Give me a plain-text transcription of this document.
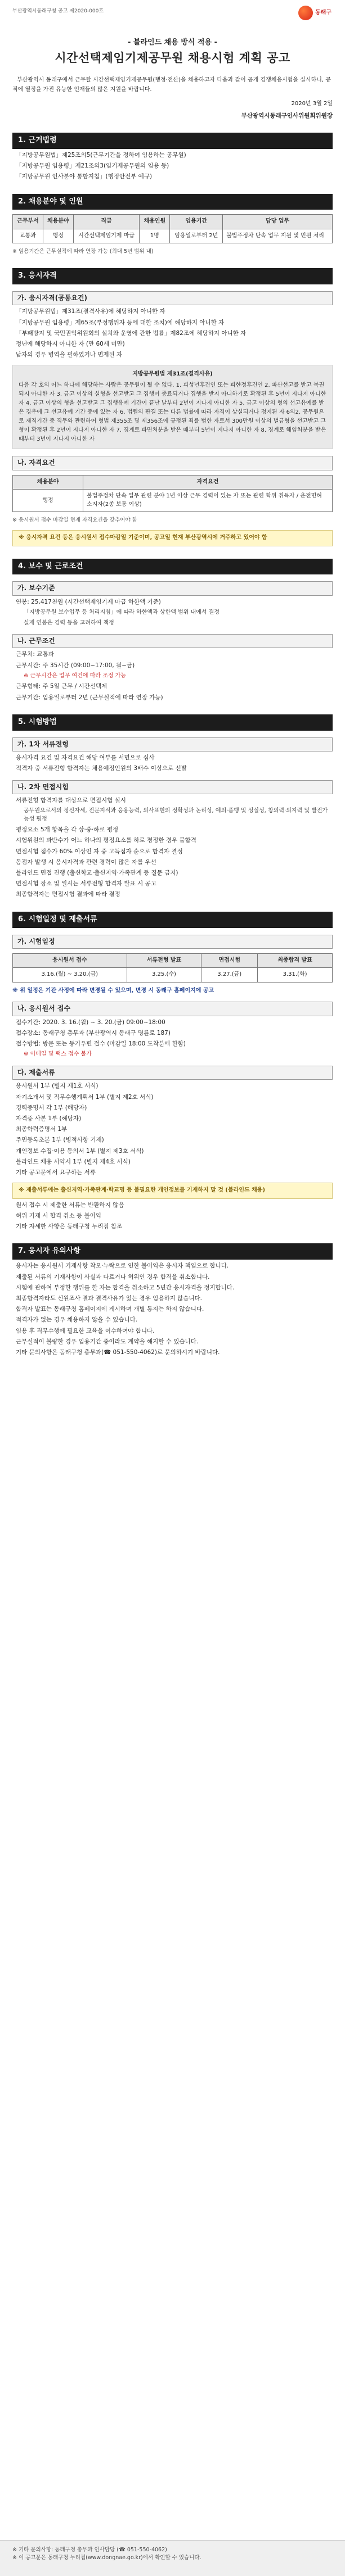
부산광역시동래구청 공고 제2020-000호	동래구
- 블라인드 채용 방식 적용 -
시간선택제임기제공무원 채용시험 계획 공고
부산광역시 동래구에서 근무할 시간선택제임기제공무원(행정·전산)을 채용하고자 다음과 같이 공개 경쟁채용시험을 실시하니, 공직에 열정을 가진 유능한 인재들의 많은 지원을 바랍니다.
2020년 3월 2일
부산광역시동래구인사위원회위원장
1. 근거법령
「지방공무원법」제25조의5(근무기간을 정하여 임용하는 공무원)
「지방공무원 임용령」제21조의3(임기제공무원의 임용 등)
「지방공무원 인사분야 통합지침」(행정안전부 예규)
2. 채용분야 및 인원
근무부서	채용분야	직급	채용인원	임용기간	담당 업무
교통과	행정	시간선택제임기제 마급	1명	임용일로부터 2년	불법주정차 단속 업무 지원 및 민원 처리
※ 임용기간은 근무실적에 따라 연장 가능 (최대 5년 범위 내)
3. 응시자격
가. 응시자격(공통요건)
「지방공무원법」제31조(결격사유)에 해당하지 아니한 자
「지방공무원 임용령」제65조(부정행위자 등에 대한 조치)에 해당하지 아니한 자
「부패방지 및 국민권익위원회의 설치와 운영에 관한 법률」제82조에 해당하지 아니한 자
정년에 해당하지 아니한 자 (만 60세 미만)
남자의 경우 병역을 필하였거나 면제된 자
지방공무원법 제31조(결격사유)
다음 각 호의 어느 하나에 해당하는 사람은 공무원이 될 수 없다. 1. 피성년후견인 또는 피한정후견인 2. 파산선고를 받고 복권되지 아니한 자 3. 금고 이상의 실형을 선고받고 그 집행이 종료되거나 집행을 받지 아니하기로 확정된 후 5년이 지나지 아니한 자 4. 금고 이상의 형을 선고받고 그 집행유예 기간이 끝난 날부터 2년이 지나지 아니한 자 5. 금고 이상의 형의 선고유예를 받은 경우에 그 선고유예 기간 중에 있는 자 6. 법원의 판결 또는 다른 법률에 따라 자격이 상실되거나 정지된 자 6의2. 공무원으로 재직기간 중 직무와 관련하여 형법 제355조 및 제356조에 규정된 죄를 범한 자로서 300만원 이상의 벌금형을 선고받고 그 형이 확정된 후 2년이 지나지 아니한 자 7. 징계로 파면처분을 받은 때부터 5년이 지나지 아니한 자 8. 징계로 해임처분을 받은 때부터 3년이 지나지 아니한 자
나. 자격요건
채용분야	자격요건
행정	불법주정차 단속 업무 관련 분야 1년 이상 근무 경력이 있는 자 또는 관련 학위 취득자 / 운전면허 소지자(2종 보통 이상)
※ 응시원서 접수 마감일 현재 자격요건을 갖추어야 함
※ 응시자격 요건 등은 응시원서 접수마감일 기준이며, 공고일 현재 부산광역시에 거주하고 있어야 함
4. 보수 및 근로조건
가. 보수기준
연봉: 25,417천원 (시간선택제임기제 마급 하한액 기준)
「지방공무원 보수업무 등 처리지침」에 따라 하한액과 상한액 범위 내에서 결정
실제 연봉은 경력 등을 고려하여 책정
나. 근무조건
근무처: 교통과
근무시간: 주 35시간 (09:00~17:00, 월~금)
※ 근무시간은 업무 여건에 따라 조정 가능
근무형태: 주 5일 근무 / 시간선택제
근무기간: 임용일로부터 2년 (근무실적에 따라 연장 가능)
5. 시험방법
가. 1차 서류전형
응시자격 요건 및 자격요건 해당 여부를 서면으로 심사
적격자 중 서류전형 합격자는 채용예정인원의 3배수 이상으로 선발
나. 2차 면접시험
서류전형 합격자를 대상으로 면접시험 실시
공무원으로서의 정신자세, 전문지식과 응용능력, 의사표현의 정확성과 논리성, 예의·품행 및 성실성, 창의력·의지력 및 발전가능성 평정
평정요소 5개 항목을 각 상·중·하로 평정
시험위원의 과반수가 어느 하나의 평정요소를 하로 평정한 경우 불합격
면접시험 점수가 60% 이상인 자 중 고득점자 순으로 합격자 결정
동점자 발생 시 응시자격과 관련 경력이 많은 자를 우선
블라인드 면접 진행 (출신학교·출신지역·가족관계 등 질문 금지)
면접시험 장소 및 일시는 서류전형 합격자 발표 시 공고
최종합격자는 면접시험 결과에 따라 결정
6. 시험일정 및 제출서류
가. 시험일정
응시원서 접수	서류전형 발표	면접시험	최종합격 발표
3.16.(월) ~ 3.20.(금)	3.25.(수)	3.27.(금)	3.31.(화)
※ 위 일정은 기관 사정에 따라 변경될 수 있으며, 변경 시 동래구 홈페이지에 공고
나. 응시원서 접수
접수기간: 2020. 3. 16.(월) ~ 3. 20.(금) 09:00~18:00
접수장소: 동래구청 총무과 (부산광역시 동래구 명륜로 187)
접수방법: 방문 또는 등기우편 접수 (마감일 18:00 도착분에 한함)
※ 이메일 및 팩스 접수 불가
다. 제출서류
응시원서 1부 (별지 제1호 서식)
자기소개서 및 직무수행계획서 1부 (별지 제2호 서식)
경력증명서 각 1부 (해당자)
자격증 사본 1부 (해당자)
최종학력증명서 1부
주민등록초본 1부 (병적사항 기재)
개인정보 수집·이용 동의서 1부 (별지 제3호 서식)
블라인드 채용 서약서 1부 (별지 제4호 서식)
기타 공고문에서 요구하는 서류
※ 제출서류에는 출신지역·가족관계·학교명 등 불필요한 개인정보를 기재하지 말 것 (블라인드 채용)
원서 접수 시 제출한 서류는 반환하지 않음
허위 기재 시 합격 취소 등 불이익
기타 자세한 사항은 동래구청 누리집 참조
7. 응시자 유의사항
응시자는 응시원서 기재사항 착오·누락으로 인한 불이익은 응시자 책임으로 합니다.
제출된 서류의 기재사항이 사실과 다르거나 허위인 경우 합격을 취소합니다.
시험에 관하여 부정한 행위를 한 자는 합격을 취소하고 5년간 응시자격을 정지합니다.
최종합격자라도 신원조사 결과 결격사유가 있는 경우 임용하지 않습니다.
합격자 발표는 동래구청 홈페이지에 게시하며 개별 통지는 하지 않습니다.
적격자가 없는 경우 채용하지 않을 수 있습니다.
임용 후 직무수행에 필요한 교육을 이수하여야 합니다.
근무실적이 불량한 경우 임용기간 중이라도 계약을 해지할 수 있습니다.
기타 문의사항은 동래구청 총무과(☎ 051-550-4062)로 문의하시기 바랍니다.
※ 기타 문의사항: 동래구청 총무과 인사담당 (☎ 051-550-4062)
※ 이 공고문은 동래구청 누리집(www.dongnae.go.kr)에서 확인할 수 있습니다.
